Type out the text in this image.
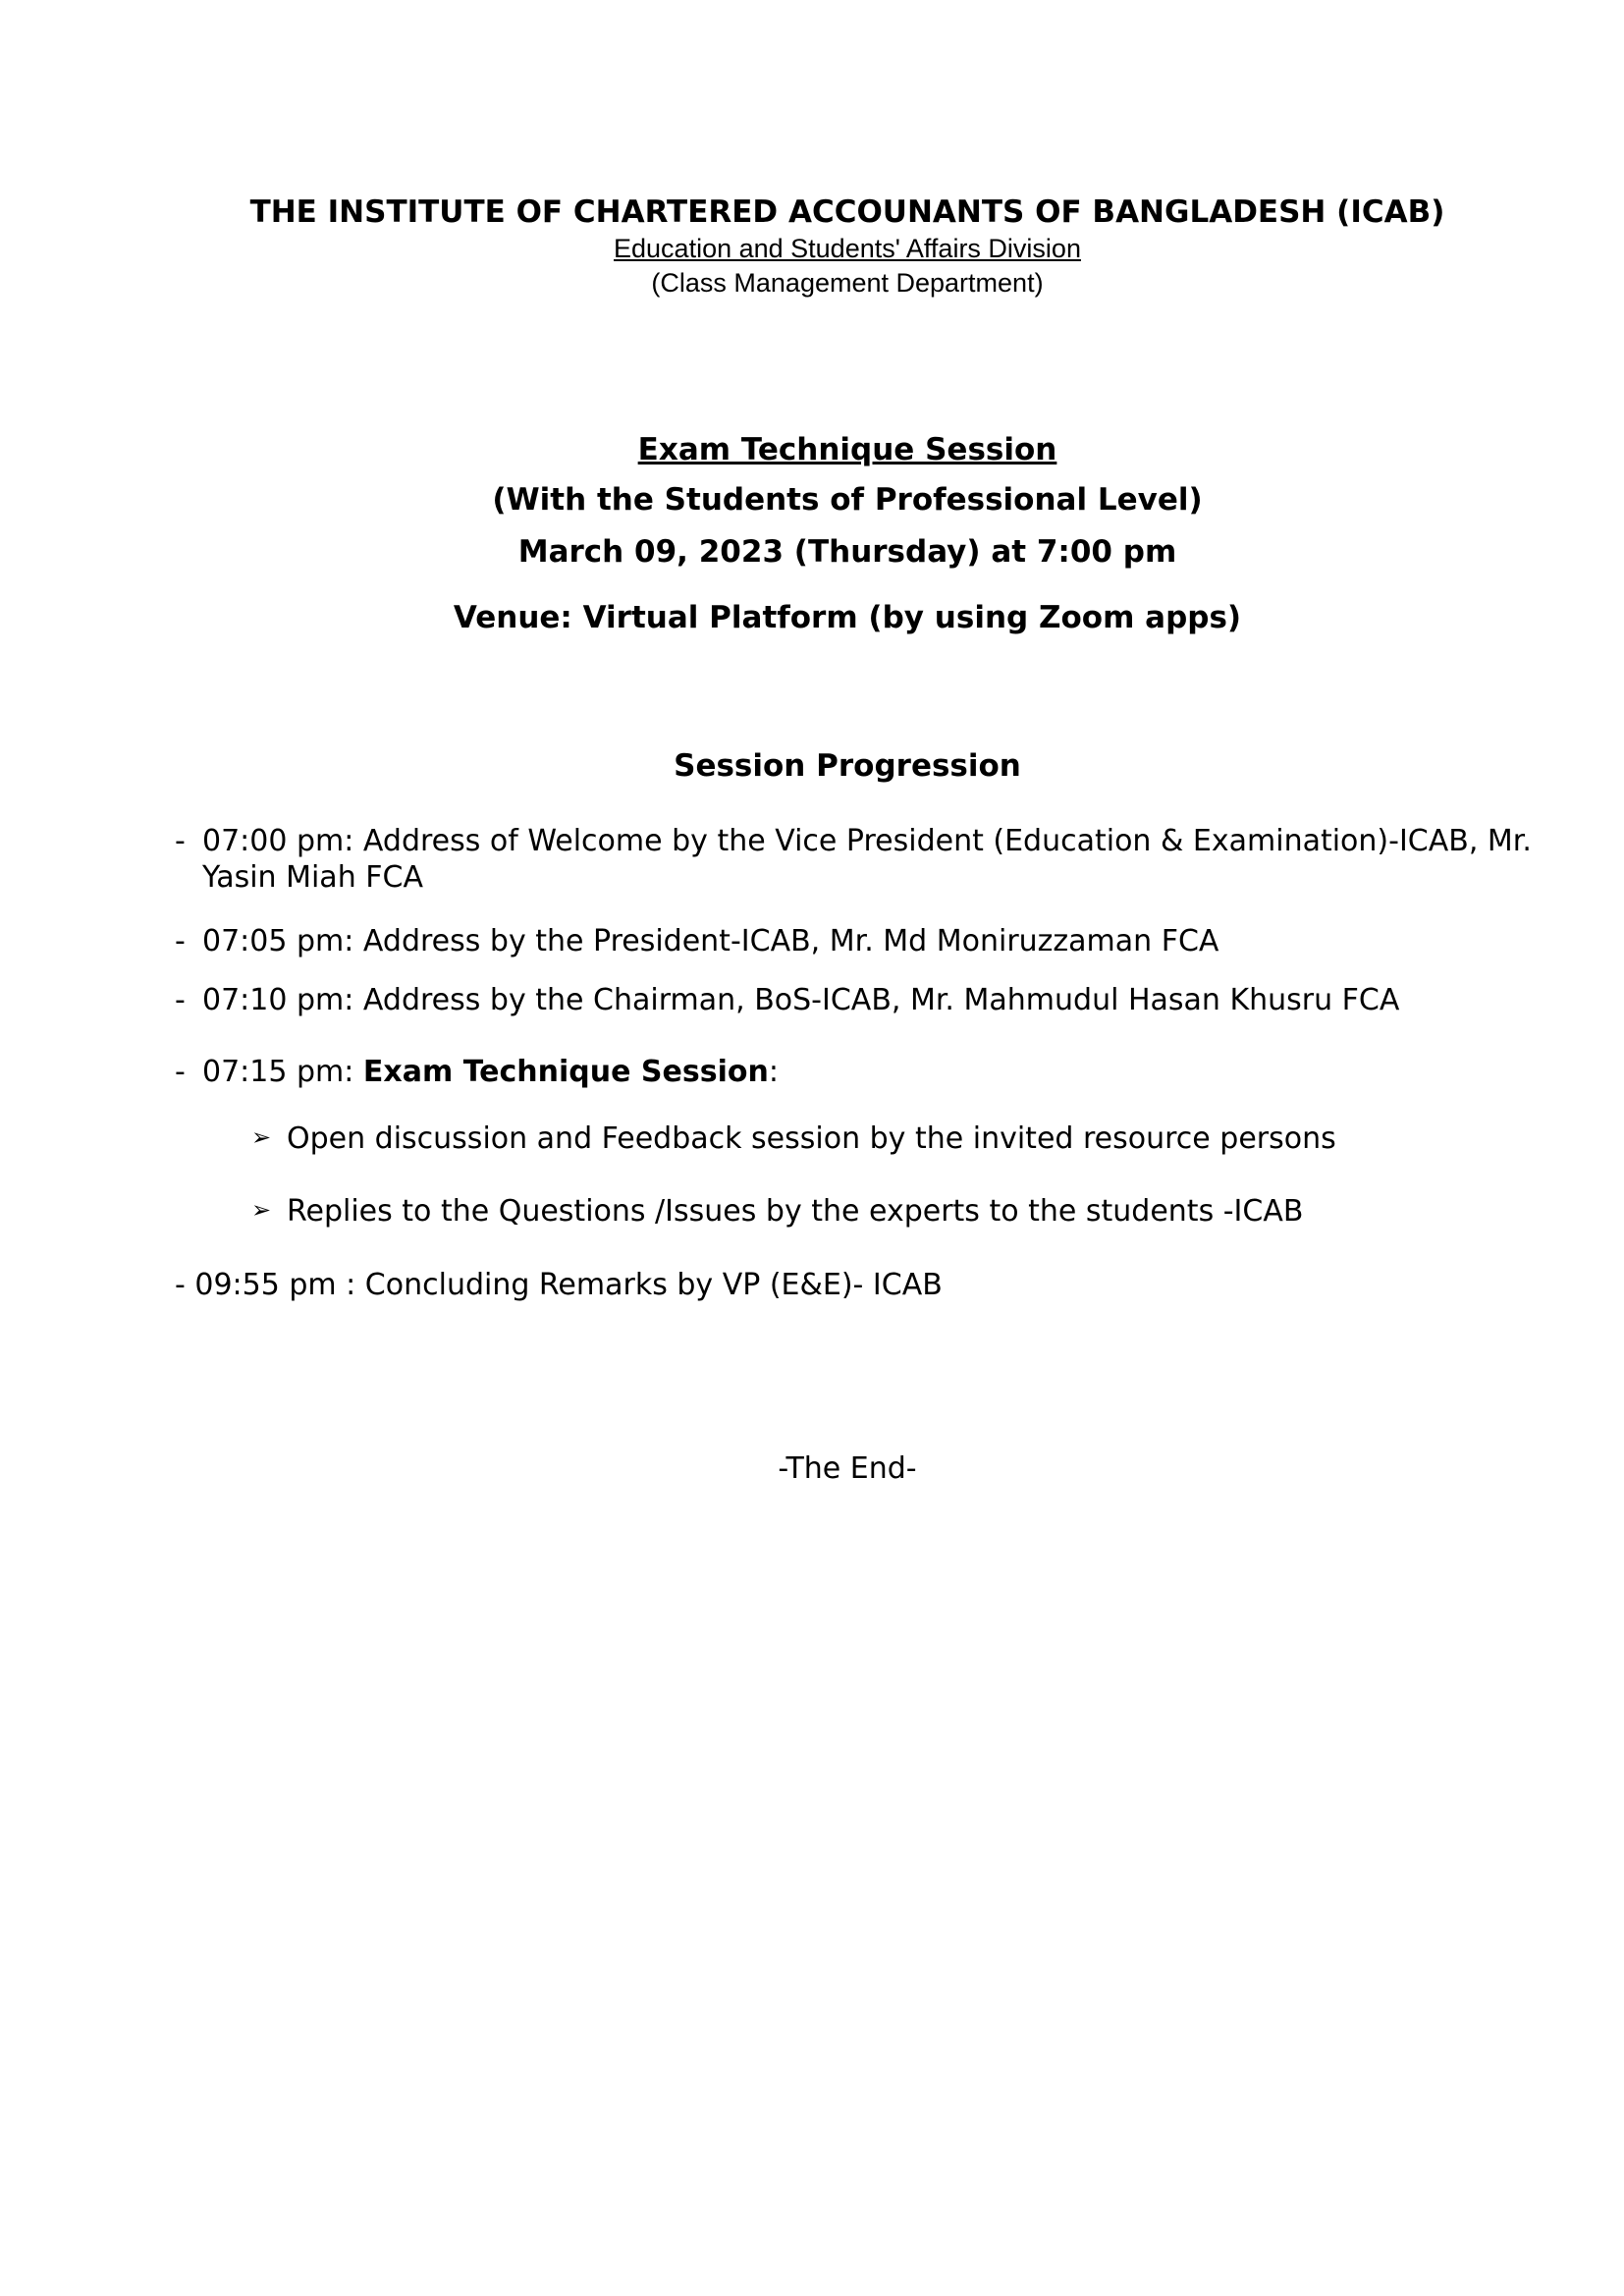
THE INSTITUTE OF CHARTERED ACCOUNANTS OF BANGLADESH (ICAB)
Education and Students' Affairs Division
(Class Management Department)
Exam Technique Session
(With the Students of Professional Level)
March 09, 2023 (Thursday) at 7:00 pm
Venue: Virtual Platform (by using Zoom apps)
Session Progression
- 07:00 pm: Address of Welcome by the Vice President (Education & Examination)-ICAB, Mr. Yasin Miah FCA
- 07:05 pm: Address by the President-ICAB, Mr. Md Moniruzzaman FCA
- 07:10 pm: Address by the Chairman, BoS-ICAB, Mr. Mahmudul Hasan Khusru FCA
- 07:15 pm: Exam Technique Session:
➢ Open discussion and Feedback session by the invited resource persons
➢ Replies to the Questions /Issues by the experts to the students -ICAB
- 09:55 pm : Concluding Remarks by VP (E&E)- ICAB
-The End-
